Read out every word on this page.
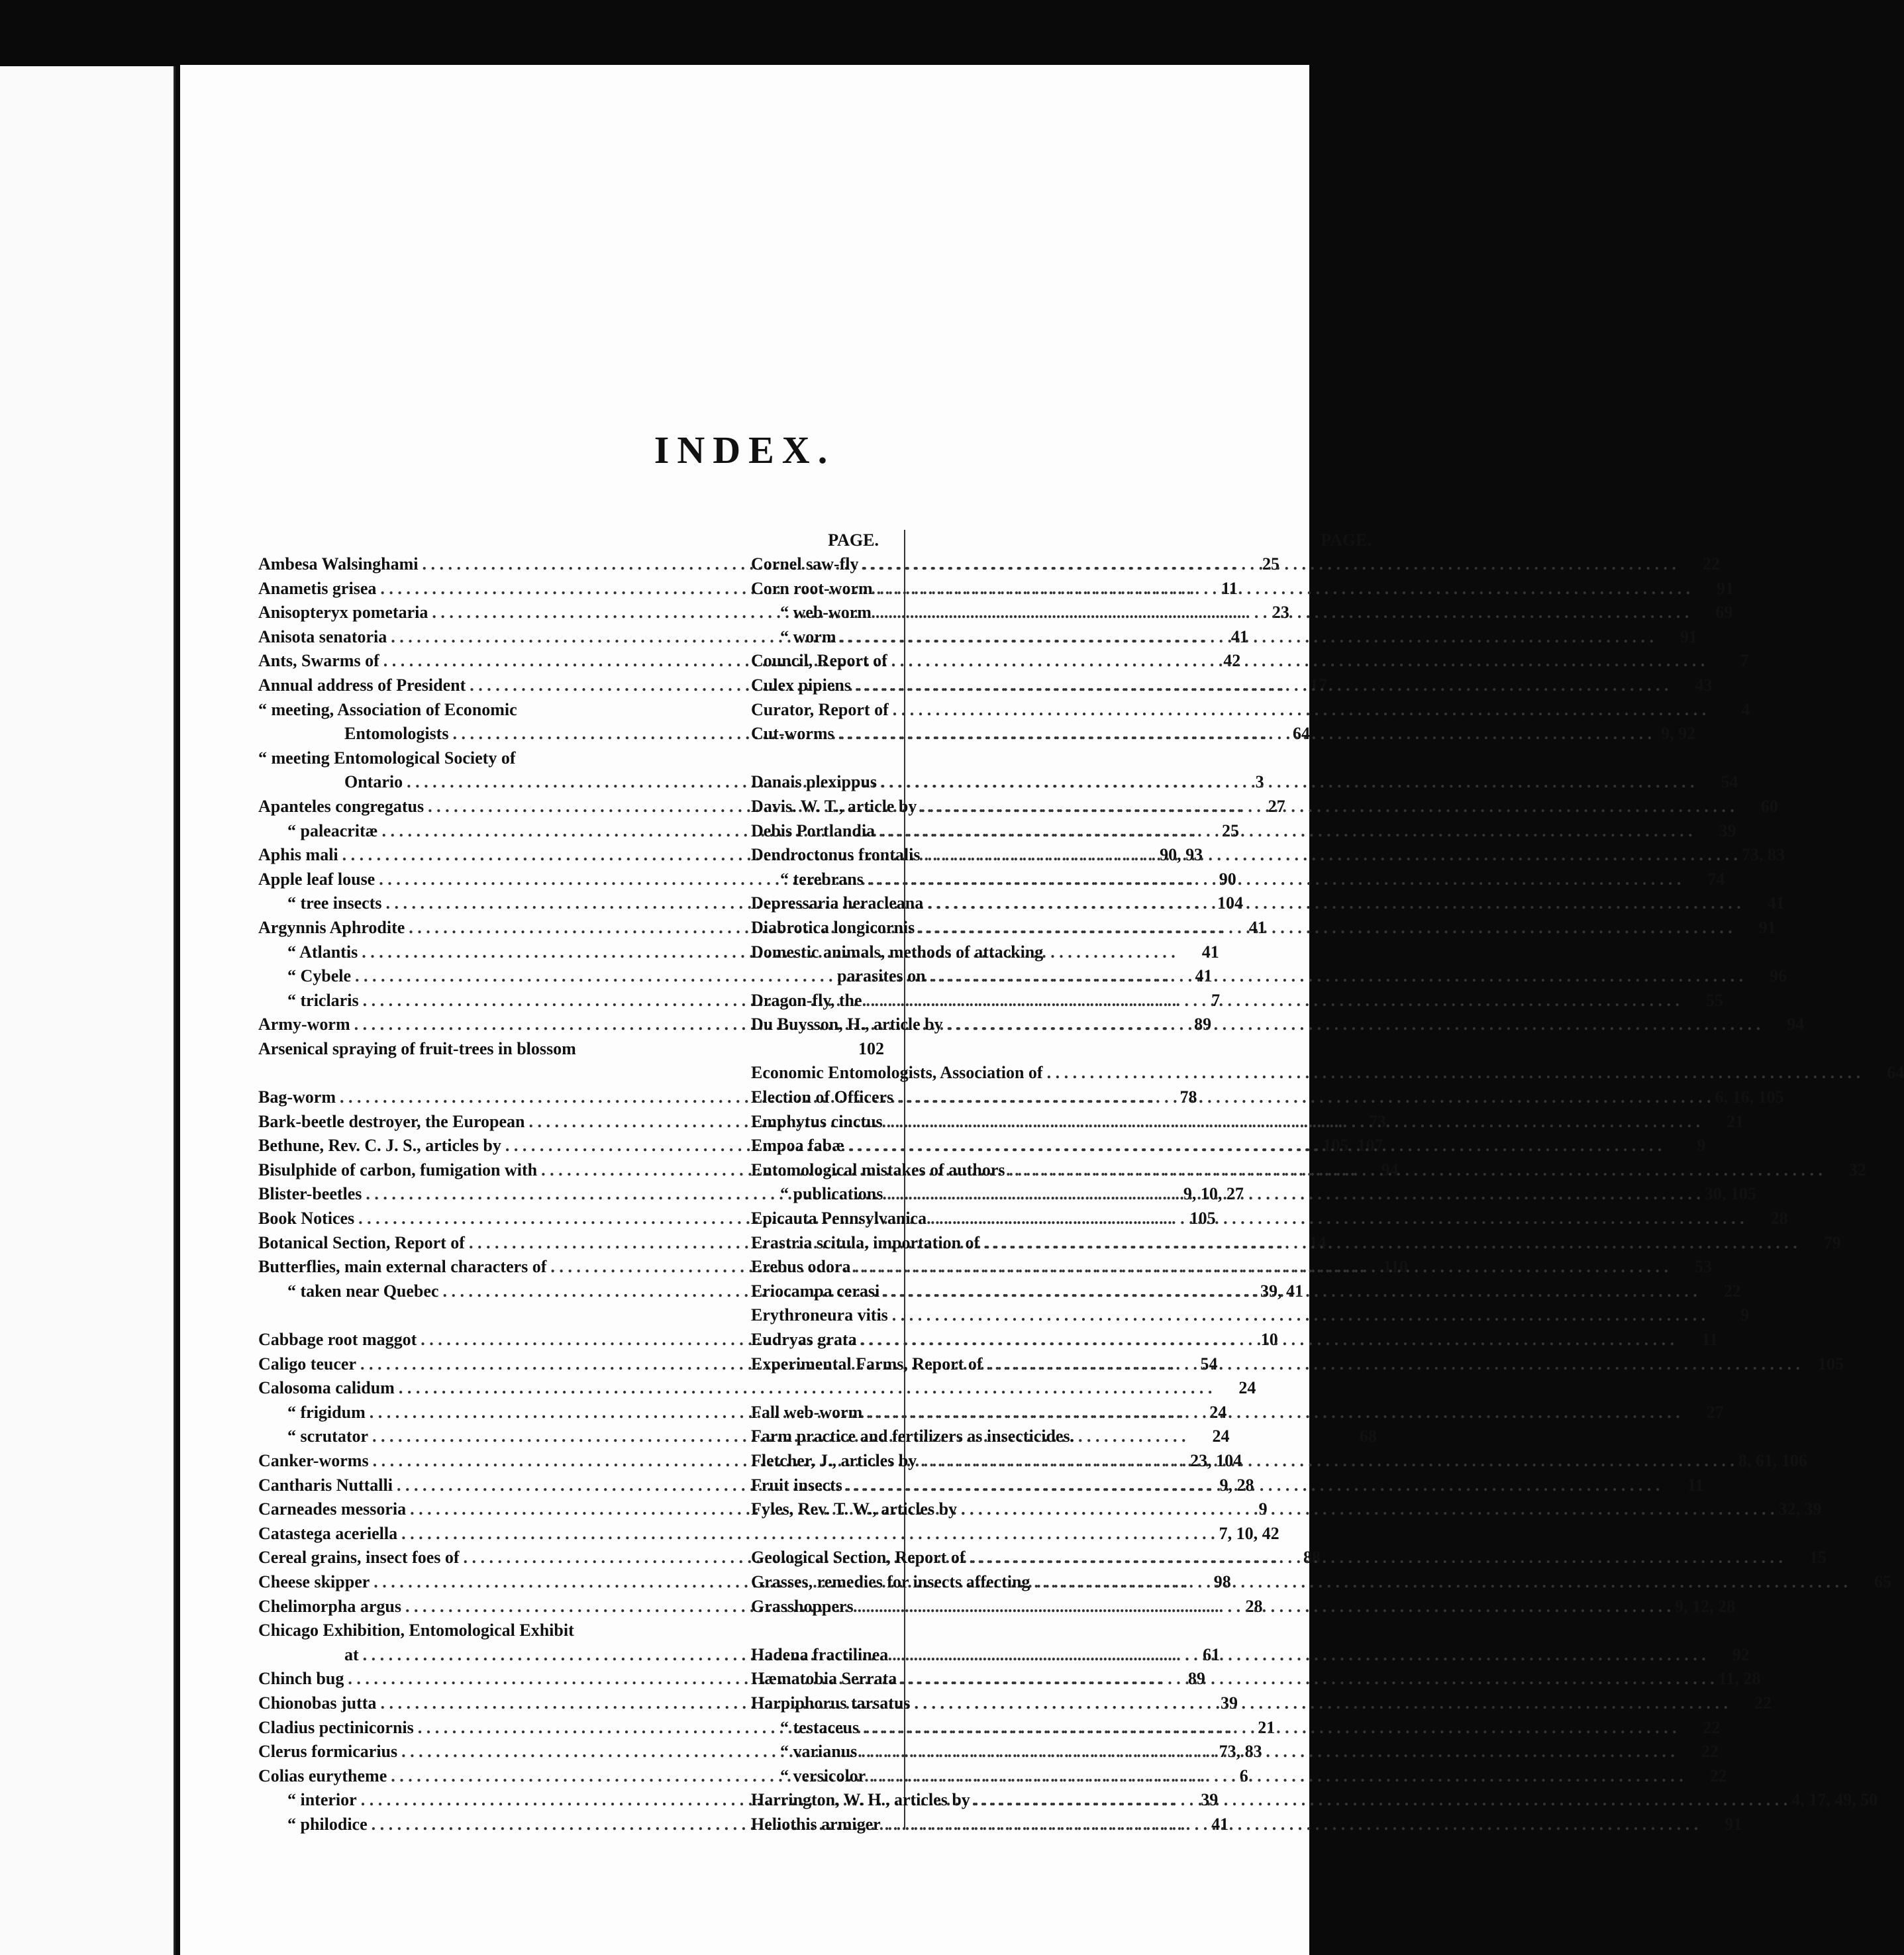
INDEX.
PAGE.
Ambesa Walsinghami . . .	25
Anametis grisea . . .	11
Anisopteryx pometaria . . .	23
Anisota senatoria . . .	41
Ants, Swarms of . . .	42
Annual address of President . . .	17
“ meeting, Association of Economic
Entomologists . . .	64
“ meeting Entomological Society of
Ontario . . .	3
Apanteles congregatus . . .	27
“ paleacritæ . . .	25
Aphis mali . . .	90, 93
Apple leaf louse . . .	90
“ tree insects . . .	104
Argynnis Aphrodite . . .	41
“ Atlantis . . .	41
“ Cybele . . .	41
“ triclaris . . .	7
Army-worm . . .	89
Arsenical spraying of fruit-trees in blossom	102
Bag-worm . . .	78
Bark-beetle destroyer, the European . . .	73
Bethune, Rev. C. J. S., articles by . . .	105, 107
Bisulphide of carbon, fumigation with . . .	94
Blister-beetles . . .	9, 10, 27
Book Notices . . .	105
Botanical Section, Report of . . .	14
Butterflies, main external characters of . . .	110
“ taken near Quebec . . .	39, 41
Cabbage root maggot . . .	10
Caligo teucer . . .	54
Calosoma calidum . . .	24
“ frigidum . . .	24
“ scrutator . . .	24
Canker-worms . . .	23, 104
Cantharis Nuttalli . . .	9, 28
Carneades messoria . . .	9
Catastega aceriella . . .	7, 10, 42
Cereal grains, insect foes of . . .	88
Cheese skipper . . .	98
Chelimorpha argus . . .	28
Chicago Exhibition, Entomological Exhibit
at . . .	61
Chinch bug . . .	89
Chionobas jutta . . .	39
Cladius pectinicornis . . .	21
Clerus formicarius . . .	73, 83
Colias eurytheme . . .	6
“ interior . . .	39
“ philodice . . .	41
PAGE.
Cornel saw-fly . . .	22
Corn root-worm . . .	91
“ web-worm . . .	69
“ worm . . .	91
Council, Report of . . .	7
Culex pipiens . . .	43
Curator, Report of . . .	4
Cut-worms . . .	9, 92
Danais plexippus . . .	54
Davis. W. T., article by . . .	60
Debis Portlandia . . .	39
Dendroctonus frontalis . . .	73, 83
“ terebrans . . .	74
Depressaria heracleana . . .	41
Diabrotica longicornis . . .	91
Domestic animals, methods of attacking
parasites on . . .	96
Dragon-fly, the . . .	55
Du Buysson, H., article by . . .	94
Economic Entomologists, Association of . . .	64
Election of Officers . . .	6, 16, 105
Emphytus cinctus . . .	21
Empoa fabæ . . .	9
Entomological mistakes of authors . . .	32
“ publications . . .	30, 105
Epicauta Pennsylvanica . . .	28
Erastria scitula, importation of . . .	79
Erebus odora . . .	53
Eriocampa cerasi . . .	22
Erythroneura vitis . . .	9
Eudryas grata . . .	11
Experimental Farms, Report of . . .	105
Fall web-worm . . .	27
Farm practice and fertilizers as insecticides.	68
Fletcher, J., articles by . . .	8, 61, 106
Fruit insects . . .	11
Fyles, Rev. T. W., articles by . . .	32, 39
Geological Section, Report of . . .	15
Grasses, remedies for insects affecting . . .	65
Grasshoppers . . .	9, 12, 28
Hadena fractilinea . . .	92
Hæmatobia Serrata . . .	11, 28
Harpiphorus tarsatus . . .	22
“ testaceus . . .	22
“ varianus . . .	22
“ versicolor . . .	22
Harrington, W. H., articles by . . .	4, 17, 49, 50
Heliothis armiger . . .	91
